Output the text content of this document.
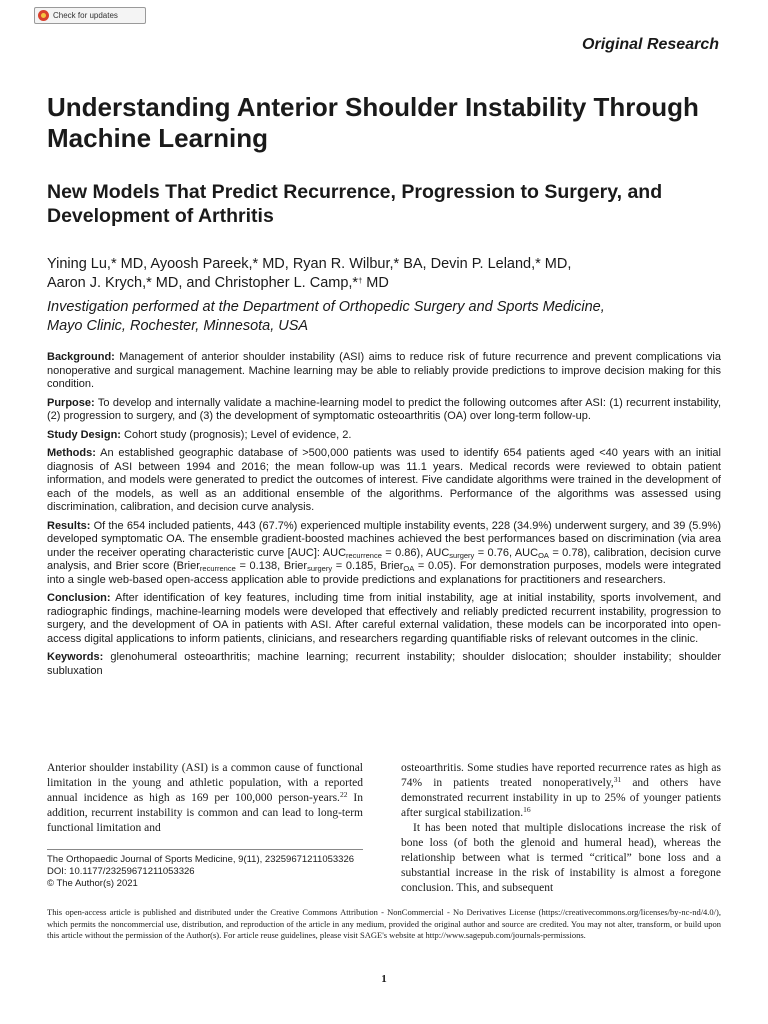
Check for updates
Original Research
Understanding Anterior Shoulder Instability Through Machine Learning
New Models That Predict Recurrence, Progression to Surgery, and Development of Arthritis
Yining Lu,* MD, Ayoosh Pareek,* MD, Ryan R. Wilbur,* BA, Devin P. Leland,* MD,
Aaron J. Krych,* MD, and Christopher L. Camp,*† MD
Investigation performed at the Department of Orthopedic Surgery and Sports Medicine,
Mayo Clinic, Rochester, Minnesota, USA

Background: Management of anterior shoulder instability (ASI) aims to reduce risk of future recurrence and prevent complications via nonoperative and surgical management. Machine learning may be able to reliably provide predictions to improve decision making for this condition.

Purpose: To develop and internally validate a machine-learning model to predict the following outcomes after ASI: (1) recurrent instability, (2) progression to surgery, and (3) the development of symptomatic osteoarthritis (OA) over long-term follow-up.

Study Design: Cohort study (prognosis); Level of evidence, 2.

Methods: An established geographic database of >500,000 patients was used to identify 654 patients aged <40 years with an initial diagnosis of ASI between 1994 and 2016; the mean follow-up was 11.1 years. Medical records were reviewed to obtain patient information, and models were generated to predict the outcomes of interest. Five candidate algorithms were trained in the development of each of the models, as well as an additional ensemble of the algorithms. Performance of the algorithms was assessed using discrimination, calibration, and decision curve analysis.

Results: Of the 654 included patients, 443 (67.7%) experienced multiple instability events, 228 (34.9%) underwent surgery, and 39 (5.9%) developed symptomatic OA. The ensemble gradient-boosted machines achieved the best performances based on discrimination (via area under the receiver operating characteristic curve [AUC]: $AUC_{recurrence} = 0.86$), $AUC_{surgery} = 0.76$, $AUC_{OA} = 0.78$), calibration, decision curve analysis, and Brier score (Brier$_{recurrence}$ = 0.138, Brier$_{surgery}$ = 0.185, Brier$_{OA}$ = 0.05). For demonstration purposes, models were integrated into a single web-based open-access application able to provide predictions and explanations for practitioners and researchers.

Conclusion: After identification of key features, including time from initial instability, age at initial instability, sports involvement, and radiographic findings, machine-learning models were developed that effectively and reliably predicted recurrent instability, progression to surgery, and the development of OA in patients with ASI. After careful external validation, these models can be incorporated into open-access digital applications to inform patients, clinicians, and researchers regarding quantifiable risks of relevant outcomes in the clinic.

Keywords: glenohumeral osteoarthritis; machine learning; recurrent instability; shoulder dislocation; shoulder instability; shoulder subluxation

Anterior shoulder instability (ASI) is a common cause of functional limitation in the young and athletic population, with a reported annual incidence as high as 169 per 100,000 person-years.$^{22}$ In addition, recurrent instability is common and can lead to long-term functional limitation and
osteoarthritis. Some studies have reported recurrence rates as high as 74% in patients treated nonoperatively,$^{31}$ and others have demonstrated recurrent instability in up to 25% of younger patients after surgical stabilization.$^{16}$
It has been noted that multiple dislocations increase the risk of bone loss (of both the glenoid and humeral head), whereas the relationship between what is termed “critical” bone loss and a substantial increase in the risk of instability is almost a foregone conclusion. This, and subsequent
The Orthopaedic Journal of Sports Medicine, 9(11), 23259671211053326
DOI: 10.1177/23259671211053326
© The Author(s) 2021
This open-access article is published and distributed under the Creative Commons Attribution - NonCommercial - No Derivatives License (https://creativecommons.org/licenses/by-nc-nd/4.0/), which permits the noncommercial use, distribution, and reproduction of the article in any medium, provided the original author and source are credited. You may not alter, transform, or build upon this article without the permission of the Author(s). For article reuse guidelines, please visit SAGE's website at http://www.sagepub.com/journals-permissions.
1
